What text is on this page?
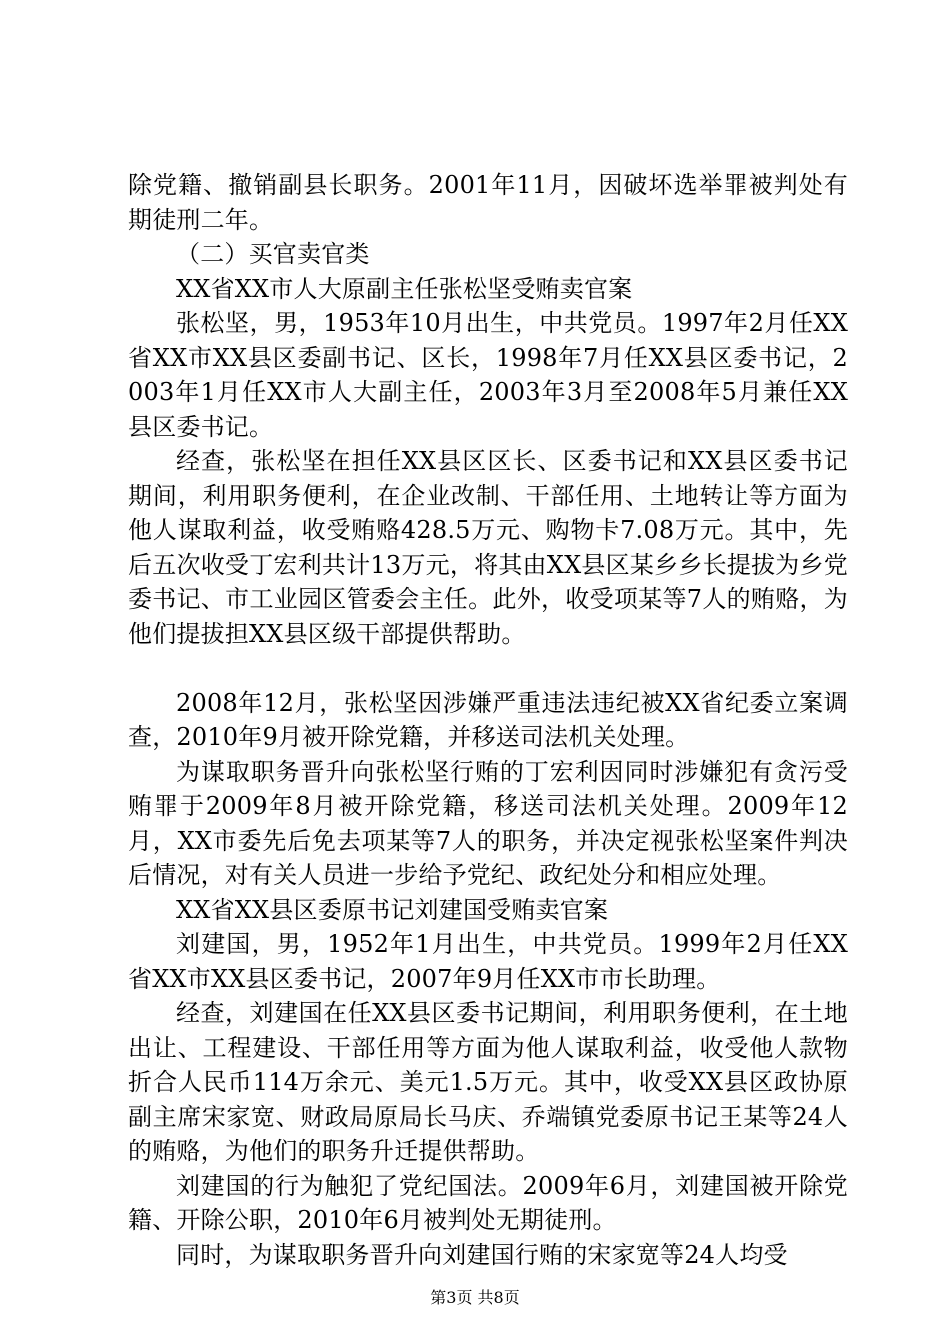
除党籍、撤销副县长职务。2001年11月，因破坏选举罪被判处有期徒刑二年。

（二）买官卖官类

XX省XX市人大原副主任张松坚受贿卖官案

张松坚，男，1953年10月出生，中共党员。1997年2月任XX省XX市XX县区委副书记、区长，1998年7月任XX县区委书记，2003年1月任XX市人大副主任，2003年3月至2008年5月兼任XX县区委书记。

经查，张松坚在担任XX县区区长、区委书记和XX县区委书记期间，利用职务便利，在企业改制、干部任用、土地转让等方面为他人谋取利益，收受贿赂428.5万元、购物卡7.08万元。其中，先后五次收受丁宏利共计13万元，将其由XX县区某乡乡长提拔为乡党委书记、市工业园区管委会主任。此外，收受项某等7人的贿赂，为他们提拔担XX县区级干部提供帮助。

2008年12月，张松坚因涉嫌严重违法违纪被XX省纪委立案调查，2010年9月被开除党籍，并移送司法机关处理。

为谋取职务晋升向张松坚行贿的丁宏利因同时涉嫌犯有贪污受贿罪于2009年8月被开除党籍，移送司法机关处理。2009年12月，XX市委先后免去项某等7人的职务，并决定视张松坚案件判决后情况，对有关人员进一步给予党纪、政纪处分和相应处理。

XX省XX县区委原书记刘建国受贿卖官案

刘建国，男，1952年1月出生，中共党员。1999年2月任XX省XX市XX县区委书记，2007年9月任XX市市长助理。

经查，刘建国在任XX县区委书记期间，利用职务便利，在土地出让、工程建设、干部任用等方面为他人谋取利益，收受他人款物折合人民币114万余元、美元1.5万元。其中，收受XX县区政协原副主席宋家宽、财政局原局长马庆、乔端镇党委原书记王某等24人的贿赂，为他们的职务升迁提供帮助。

刘建国的行为触犯了党纪国法。2009年6月，刘建国被开除党籍、开除公职，2010年6月被判处无期徒刑。

同时，为谋取职务晋升向刘建国行贿的宋家宽等24人均受

第3页 共8页
